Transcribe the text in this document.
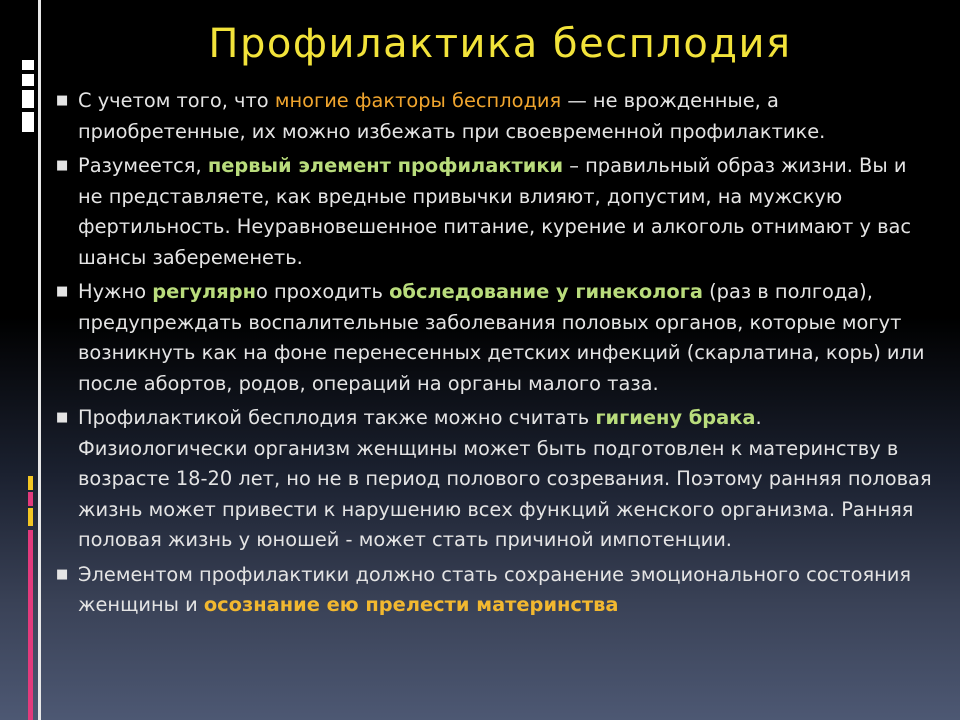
Профилактика бесплодия
■ С учетом того, что многие факторы бесплодия — не врожденные, а приобретенные, их можно избежать при своевременной профилактике.
■ Разумеется, первый элемент профилактики – правильный образ жизни. Вы и не представляете, как вредные привычки влияют, допустим, на мужскую фертильность. Неуравновешенное питание, курение и алкоголь отнимают у вас шансы забеременеть.
■ Нужно регулярно проходить обследование у гинеколога (раз в полгода), предупреждать воспалительные заболевания половых органов, которые могут возникнуть как на фоне перенесенных детских инфекций (скарлатина, корь) или после абортов, родов, операций на органы малого таза.
■ Профилактикой бесплодия также можно считать гигиену брака. Физиологически организм женщины может быть подготовлен к материнству в возрасте 18-20 лет, но не в период полового созревания. Поэтому ранняя половая жизнь может привести к нарушению всех функций женского организма. Ранняя половая жизнь у юношей - может стать причиной импотенции.
■ Элементом профилактики должно стать сохранение эмоционального состояния женщины и осознание ею прелести материнства
